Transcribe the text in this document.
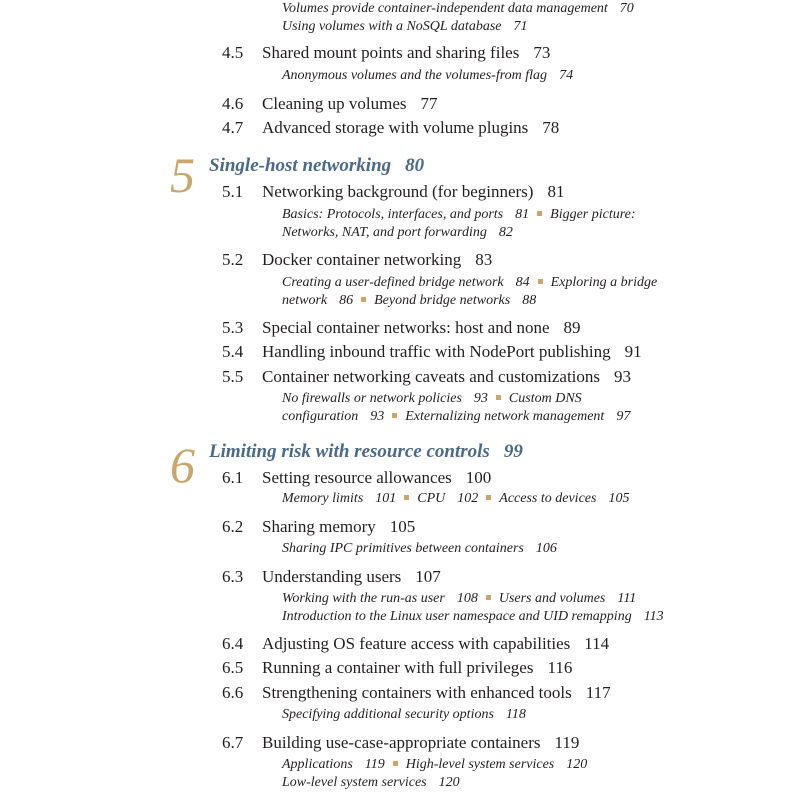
Volumes provide container-independent data management 70
Using volumes with a NoSQL database 71
4.5 Shared mount points and sharing files 73
Anonymous volumes and the volumes-from flag 74
4.6 Cleaning up volumes 77
4.7 Advanced storage with volume plugins 78
5 Single-host networking 80
5.1 Networking background (for beginners) 81
Basics: Protocols, interfaces, and ports 81 Bigger picture:
Networks, NAT, and port forwarding 82
5.2 Docker container networking 83
Creating a user-defined bridge network 84 Exploring a bridge
network 86 Beyond bridge networks 88
5.3 Special container networks: host and none 89
5.4 Handling inbound traffic with NodePort publishing 91
5.5 Container networking caveats and customizations 93
No firewalls or network policies 93 Custom DNS
configuration 93 Externalizing network management 97
6 Limiting risk with resource controls 99
6.1 Setting resource allowances 100
Memory limits 101 CPU 102 Access to devices 105
6.2 Sharing memory 105
Sharing IPC primitives between containers 106
6.3 Understanding users 107
Working with the run-as user 108 Users and volumes 111
Introduction to the Linux user namespace and UID remapping 113
6.4 Adjusting OS feature access with capabilities 114
6.5 Running a container with full privileges 116
6.6 Strengthening containers with enhanced tools 117
Specifying additional security options 118
6.7 Building use-case-appropriate containers 119
Applications 119 High-level system services 120
Low-level system services 120
